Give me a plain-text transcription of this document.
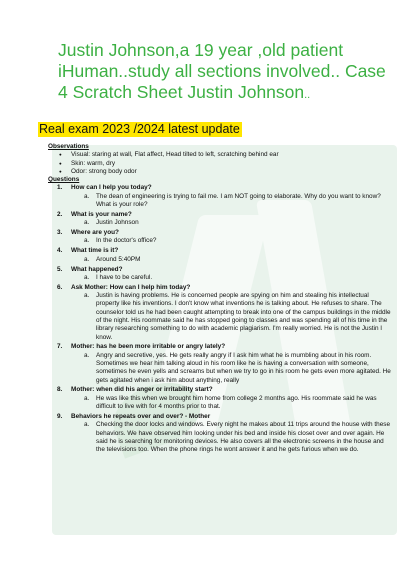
Justin Johnson,a 19 year ,old patient iHuman..study all sections involved.. Case 4 Scratch Sheet Justin Johnson..
Real exam 2023 /2024 latest update
Observations
● Visual: staring at wall, Flat affect, Head tilted to left, scratching behind ear
● Skin: warm, dry
● Odor: strong body odor
Questions
1. How can I help you today?
a. The dean of engineering is trying to fail me. I am NOT going to elaborate. Why do you want to know? What is your role?
2. What is your name?
a. Justin Johnson
3. Where are you?
a. In the doctor's office?
4. What time is it?
a. Around 5:40PM
5. What happened?
a. I have to be careful.
6. Ask Mother: How can I help him today?
a. Justin is having problems. He is concerned people are spying on him and stealing his intellectual property like his inventions. I don't know what inventions he is talking about. He refuses to share. The counselor told us he had been caught attempting to break into one of the campus buildings in the middle of the night. His roommate said he has stopped going to classes and was spending all of his time in the library researching something to do with academic plagiarism. I'm really worried. He is not the Justin I know.
7. Mother: has he been more irritable or angry lately?
a. Angry and secretive, yes. He gets really angry if I ask him what he is mumbling about in his room. Sometimes we hear him talking aloud in his room like he is having a conversation with someone, sometimes he even yells and screams but when we try to go in his room he gets even more agitated. He gets agitated when i ask him about anything, really
8. Mother: when did his anger or irritability start?
a. He was like this when we brought him home from college 2 months ago. His roommate said he was difficult to live with for 4 months prior to that.
9. Behaviors he repeats over and over? - Mother
a. Checking the door locks and windows. Every night he makes about 11 trips around the house with these behaviors. We have observed him looking under his bed and inside his closet over and over again. He said he is searching for monitoring devices. He also covers all the electronic screens in the house and the televisions too. When the phone rings he wont answer it and he gets furious when we do.
